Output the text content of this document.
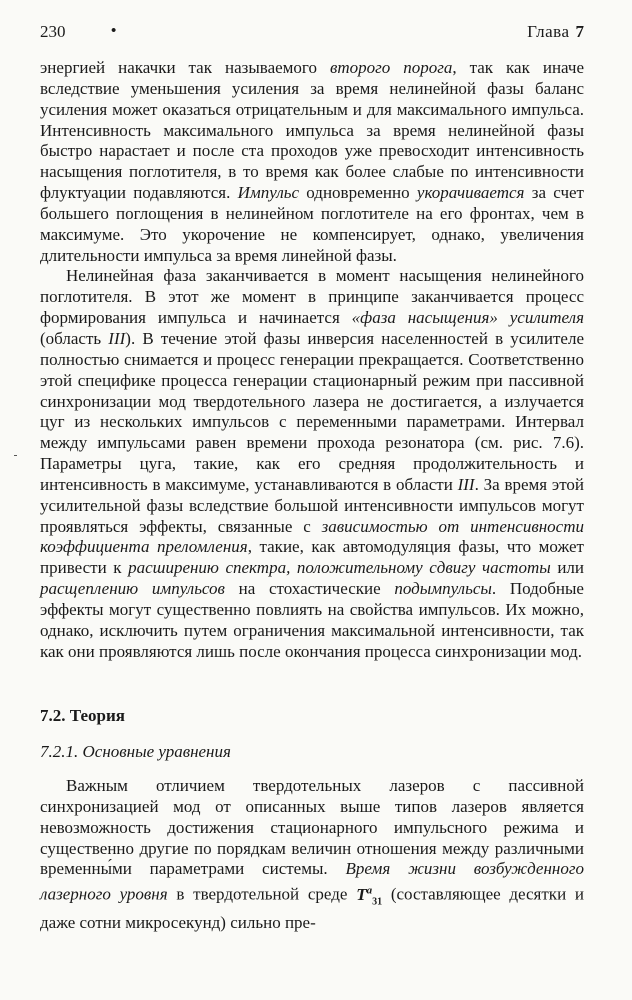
230	•	Глава 7

энергией накачки так называемого второго порога, так как иначе вследствие уменьшения усиления за время нелинейной фазы баланс усиления может оказаться отрицательным и для максимального импульса. Интенсивность максимального импульса за время нелинейной фазы быстро нарастает и после ста проходов уже превосходит интенсивность насыщения поглотителя, в то время как более слабые по интенсивности флуктуации подавляются. Импульс одновременно укорачивается за счет большего поглощения в нелинейном поглотителе на его фронтах, чем в максимуме. Это укорочение не компенсирует, однако, увеличения длительности импульса за время линейной фазы.

Нелинейная фаза заканчивается в момент насыщения нелинейного поглотителя. В этот же момент в принципе заканчивается процесс формирования импульса и начинается «фаза насыщения» усилителя (область III). В течение этой фазы инверсия населенностей в усилителе полностью снимается и процесс генерации прекращается. Соответственно этой специфике процесса генерации стационарный режим при пассивной синхронизации мод твердотельного лазера не достигается, а излучается цуг из нескольких импульсов с переменными параметрами. Интервал между импульсами равен времени прохода резонатора (см. рис. 7.6). Параметры цуга, такие, как его средняя продолжительность и интенсивность в максимуме, устанавливаются в области III. За время этой усилительной фазы вследствие большой интенсивности импульсов могут проявляться эффекты, связанные с зависимостью от интенсивности коэффициента преломления, такие, как автомодуляция фазы, что может привести к расширению спектра, положительному сдвигу частоты или расщеплению импульсов на стохастические подымпульсы. Подобные эффекты могут существенно повлиять на свойства импульсов. Их можно, однако, исключить путем ограничения максимальной интенсивности, так как они проявляются лишь после окончания процесса синхронизации мод.

7.2. Теория
7.2.1. Основные уравнения

Важным отличием твердотельных лазеров с пассивной синхронизацией мод от описанных выше типов лазеров является невозможность достижения стационарного импульсного режима и существенно другие по порядкам величин отношения между различными временны́ми параметрами системы. Время жизни возбужденного лазерного уровня в твердотельной среде $T^a_{31}$ (составляющее десятки и даже сотни микросекунд) сильно пре-
